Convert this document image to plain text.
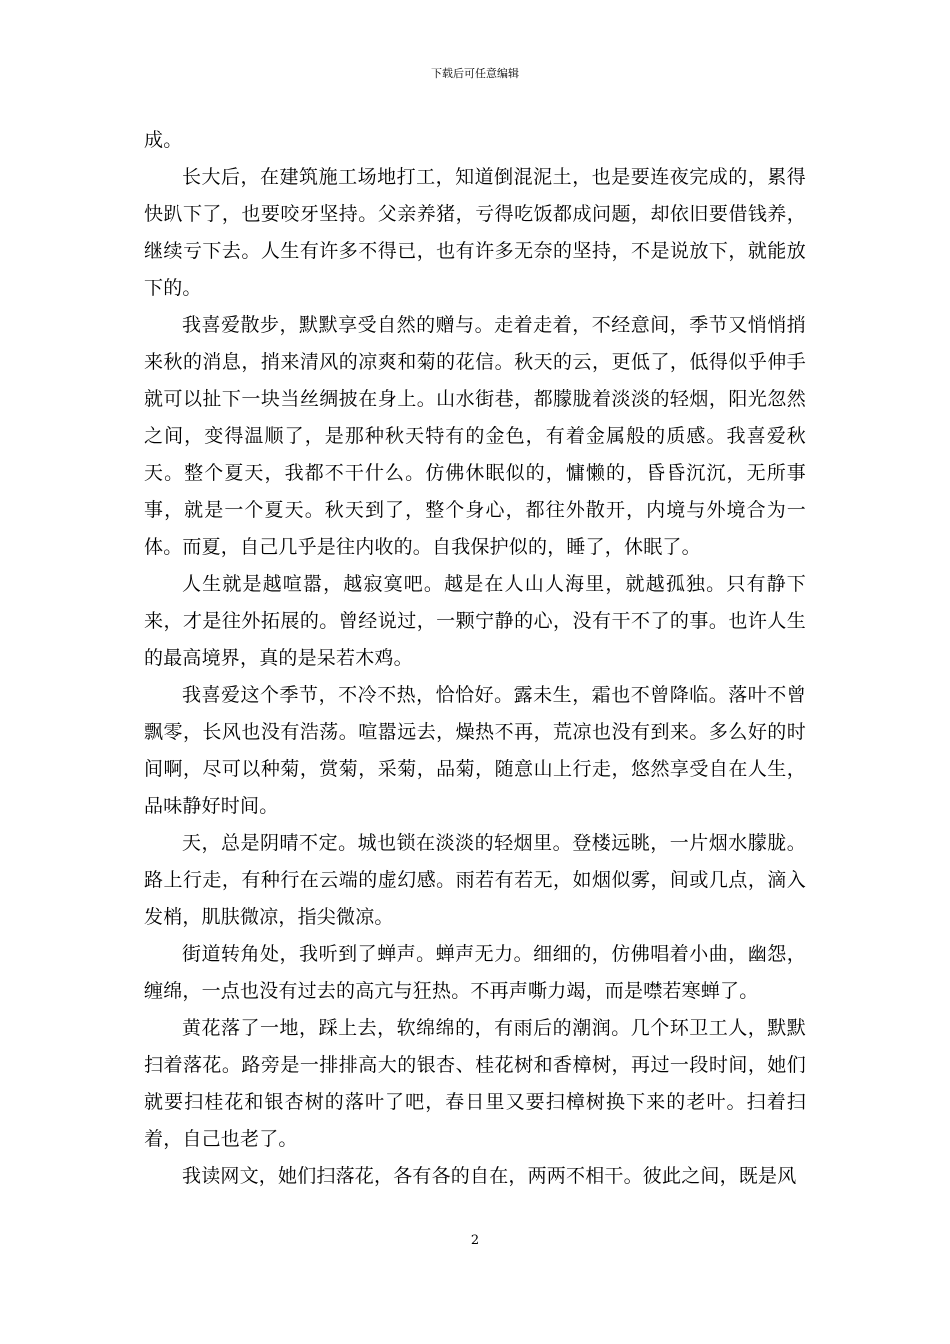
下载后可任意编辑

成。

长大后，在建筑施工场地打工，知道倒混泥土，也是要连夜完成的，累得快趴下了，也要咬牙坚持。父亲养猪，亏得吃饭都成问题，却依旧要借钱养，继续亏下去。人生有许多不得已，也有许多无奈的坚持，不是说放下，就能放下的。

我喜爱散步，默默享受自然的赠与。走着走着，不经意间，季节又悄悄捎来秋的消息，捎来清风的凉爽和菊的花信。秋天的云，更低了，低得似乎伸手就可以扯下一块当丝绸披在身上。山水街巷，都朦胧着淡淡的轻烟，阳光忽然之间，变得温顺了，是那种秋天特有的金色，有着金属般的质感。我喜爱秋天。整个夏天，我都不干什么。仿佛休眠似的，慵懒的，昏昏沉沉，无所事事，就是一个夏天。秋天到了，整个身心，都往外散开，内境与外境合为一体。而夏，自己几乎是往内收的。自我保护似的，睡了，休眠了。

人生就是越喧嚣，越寂寞吧。越是在人山人海里，就越孤独。只有静下来，才是往外拓展的。曾经说过，一颗宁静的心，没有干不了的事。也许人生的最高境界，真的是呆若木鸡。

我喜爱这个季节，不冷不热，恰恰好。露未生，霜也不曾降临。落叶不曾飘零，长风也没有浩荡。喧嚣远去，燥热不再，荒凉也没有到来。多么好的时间啊，尽可以种菊，赏菊，采菊，品菊，随意山上行走，悠然享受自在人生，品味静好时间。

天，总是阴晴不定。城也锁在淡淡的轻烟里。登楼远眺，一片烟水朦胧。路上行走，有种行在云端的虚幻感。雨若有若无，如烟似雾，间或几点，滴入发梢，肌肤微凉，指尖微凉。

街道转角处，我听到了蝉声。蝉声无力。细细的，仿佛唱着小曲，幽怨，缠绵，一点也没有过去的高亢与狂热。不再声嘶力竭，而是噤若寒蝉了。

黄花落了一地，踩上去，软绵绵的，有雨后的潮润。几个环卫工人，默默扫着落花。路旁是一排排高大的银杏、桂花树和香樟树，再过一段时间，她们就要扫桂花和银杏树的落叶了吧，春日里又要扫樟树换下来的老叶。扫着扫着，自己也老了。

我读网文，她们扫落花，各有各的自在，两两不相干。彼此之间，既是风

2
